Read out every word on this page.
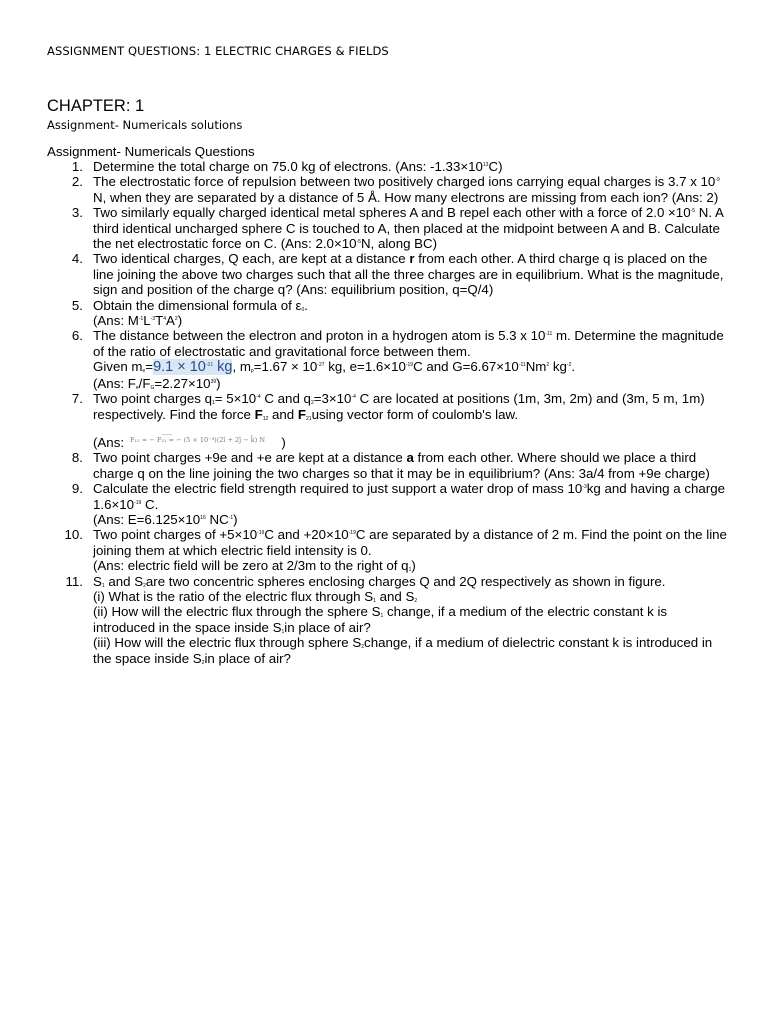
ASSIGNMENT QUESTIONS: 1 ELECTRIC CHARGES & FIELDS
CHAPTER: 1
Assignment- Numericals solutions
Assignment- Numericals Questions
1. Determine the total charge on 75.0 kg of electrons. (Ans: $-1.33\times 10^{13}C$)
2. The electrostatic force of repulsion between two positively charged ions carrying equal charges is 3.7 x $10^{-9}$ N, when they are separated by a distance of 5 Å. How many electrons are missing from each ion? (Ans: 2)
3. Two similarly equally charged identical metal spheres A and B repel each other with a force of $2.0 \times 10^{-5}$ N. A third identical uncharged sphere C is touched to A, then placed at the midpoint between A and B. Calculate the net electrostatic force on C. (Ans: $2.0\times 10^{-5}N$, along BC)
4. Two identical charges, Q each, are kept at a distance r from each other. A third charge q is placed on the line joining the above two charges such that all the three charges are in equilibrium. What is the magnitude, sign and position of the charge q? (Ans: equilibrium position, q=Q/4)
5. Obtain the dimensional formula of $\varepsilon_0$.
(Ans: $M^{-1}L^{-3}T^4A^2$)
6. The distance between the electron and proton in a hydrogen atom is 5.3 x $10^{-11}$ m. Determine the magnitude of the ratio of electrostatic and gravitational force between them.
Given $m_e=9.1 \times 10^{-31}$ kg, $m_p=1.67 \times 10^{-27}$ kg, $e=1.6\times 10^{-19}C$ and $G=6.67\times 10^{-11}Nm^2$ $kg^{-2}$.
(Ans: $F_e/F_G=2.27\times 10^{39}$)
7. Two point charges $q_1= 5\times 10^{-4}$ C and $q_2=3\times 10^{-4}$ C are located at positions (1m, 3m, 2m) and (3m, 5 m, 1m) respectively. Find the force $F_{12}$ and $F_{21}using$ vector form of coulomb's law.
(Ans: F₁₂ = − F₂₁ = − (5 × 10⁻³)(2î + 2ĵ − k̂) N )
8. Two point charges +9e and +e are kept at a distance a from each other. Where should we place a third charge q on the line joining the two charges so that it may be in equilibrium? (Ans: 3a/4 from +9e charge)
9. Calculate the electric field strength required to just support a water drop of mass $10^{-3}kg$ and having a charge $1.6\times 10^{-19}$ C.
(Ans: $E=6.125\times 10^{16}$ $NC^{-1}$)
10. Two point charges of $+5\times 10^{-19}C$ and $+20\times 10^{-19}C$ are separated by a distance of 2 m. Find the point on the line joining them at which electric field intensity is 0.
(Ans: electric field will be zero at 2/3m to the right of $q_1$)
11. $S_1$ and $S_2are$ two concentric spheres enclosing charges Q and 2Q respectively as shown in figure.
(i) What is the ratio of the electric flux through $S_1$ and $S_2$
(ii) How will the electric flux through the sphere $S_1$ change, if a medium of the electric constant k is introduced in the space inside $S_1in$ place of air?
(iii) How will the electric flux through sphere $S_2change$, if a medium of dielectric constant k is introduced in the space inside $S_2in$ place of air?
